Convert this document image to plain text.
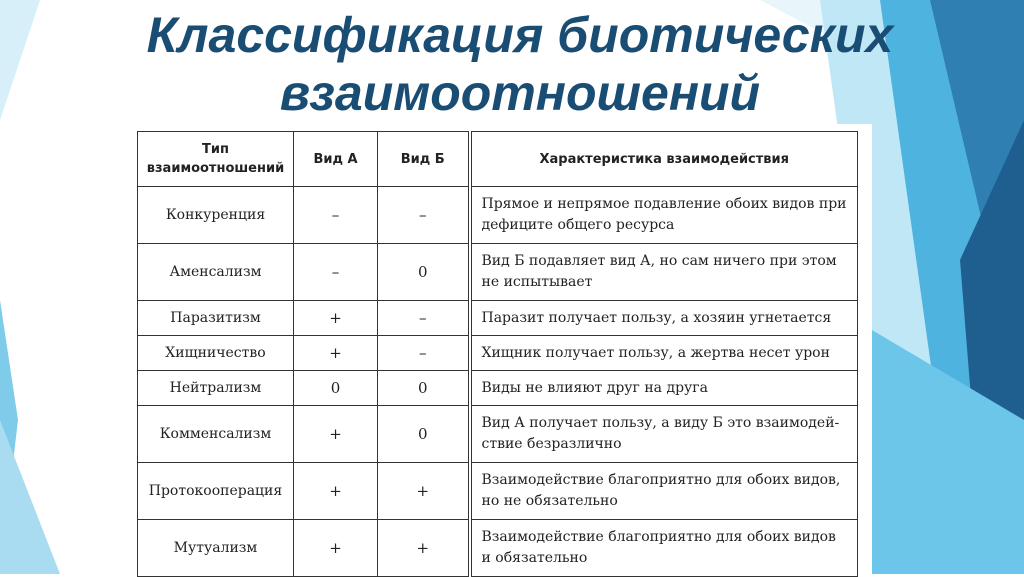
Классификация биотических взаимоотношений
Тип взаимоотношений	Вид А	Вид Б	Характеристика взаимодействия
Конкуренция	–	–	Прямое и непрямое подавление обоих видов при дефиците общего ресурса
Аменсализм	–	0	Вид Б подавляет вид А, но сам ничего при этом не испытывает
Паразитизм	+	–	Паразит получает пользу, а хозяин угнетается
Хищничество	+	–	Хищник получает пользу, а жертва несет урон
Нейтрализм	0	0	Виды не влияют друг на друга
Комменсализм	+	0	Вид А получает пользу, а виду Б это взаимодей-ствие безразлично
Протокооперация	+	+	Взаимодействие благоприятно для обоих видов, но не обязательно
Мутуализм	+	+	Взаимодействие благоприятно для обоих видов и обязательно
